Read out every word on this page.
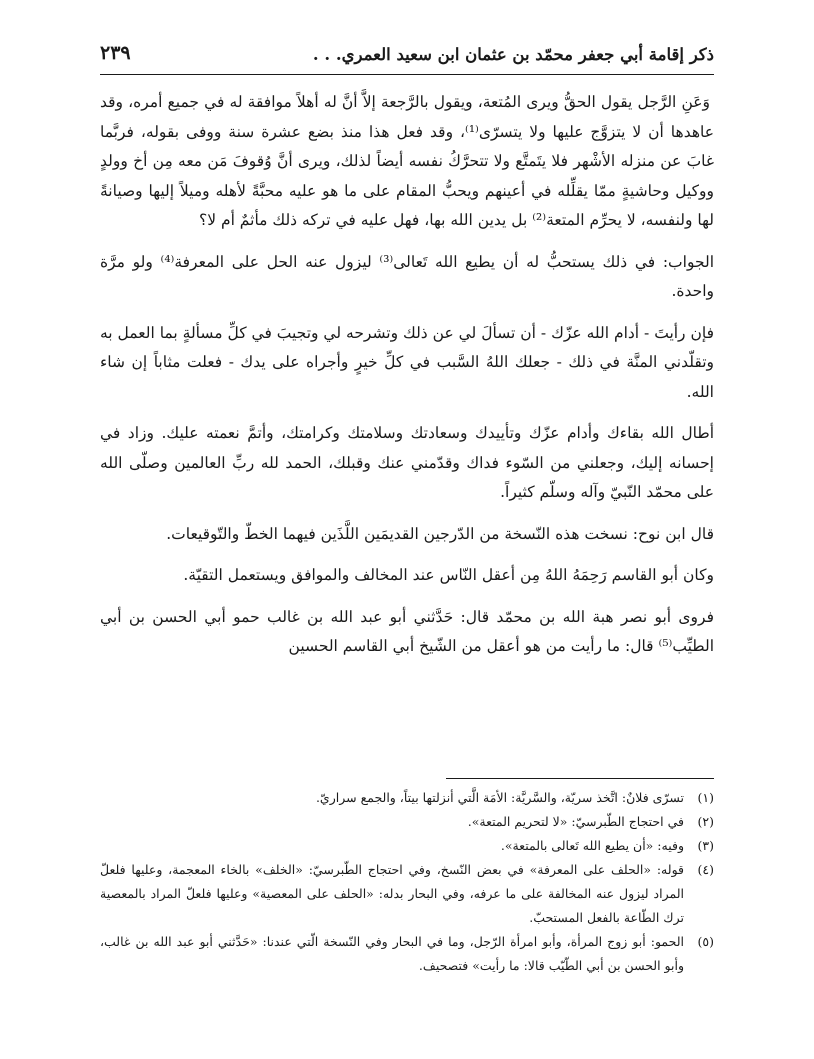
ذكر إقامة أبي جعفر محمّد بن عثمان ابن سعيد العمري. . .
٢٣٩

وَعَنِ الرَّجل يقول الحقُّ ويرى المُتعة، ويقول بالرَّجعة إلاَّ أنَّ له أهلاً موافقة له في جميع أمره، وقد عاهدها أن لا يتزوَّج عليها ولا يتسرّى⁽¹⁾، وقد فعل هذا منذ بضع عشرة سنة ووفى بقوله، فربَّما غابَ عن منزله الأشْهر فلا يتَمتَّع ولا تتحرَّكُ نفسه أيضاً لذلك، ويرى أنَّ وُقوفَ مَن معه مِن أخ وولدٍ ووكيل وحاشيةٍ ممّا يقلِّله في أعينهم ويحبُّ المقام على ما هو عليه محبَّةً لأهله وميلاً إليها وصيانةً لها ولنفسه، لا يحرِّم المتعة⁽²⁾ بل يدين الله بها، فهل عليه في تركه ذلك مأثمٌ أم لا؟

الجواب: في ذلك يستحبُّ له أن يطيع الله تَعالى⁽³⁾ ليزول عنه الحل على المعرفة⁽⁴⁾ ولو مرَّة واحدة.

فإن رأيتَ - أدام الله عزّك - أن تسألَ لي عن ذلك وتشرحه لي وتجيبَ في كلِّ مسألةٍ بما العمل به وتقلّدني المنَّة في ذلك - جعلك اللهُ السَّبب في كلِّ خيرٍ وأجراه على يدك - فعلت مثاباً إن شاء الله.

أطال الله بقاءك وأدام عزّك وتأييدك وسعادتك وسلامتك وكرامتك، وأتمَّ نعمته عليك. وزاد في إحسانه إليك، وجعلني من السّوء فداك وقدّمني عنك وقبلك، الحمد لله ربِّ العالمين وصلّى الله على محمّد النّبيّ وآله وسلّم كثيراً.

قال ابن نوح: نسخت هذه النّسخة من الدّرجين القديمَين اللَّذَين فيهما الخطّ والتّوقيعات.

وكان أبو القاسم رَحِمَهُ اللهُ مِن أعقل النّاس عند المخالف والموافق ويستعمل التقيّة.

فروى أبو نصر هبة الله بن محمّد قال: حَدَّثني أبو عبد الله بن غالب حمو أبي الحسن بن أبي الطيِّب⁽⁵⁾ قال: ما رأيت من هو أعقل من الشّيخ أبي القاسم الحسين

(١)
تسرّى فلانٌ: اتَّخذ سريّة، والسَّريَّة: الأمَة الَّتي أنزلتها بيتاً، والجمع سراريّ.
(٢)
في احتجاج الطّبرسيّ: «لا لتحريم المتعة».
(٣)
وفيه: «أن يطيع الله تَعالى بالمتعة».
(٤)
قوله: «الحلف على المعرفة» في بعض النّسخ، وفي احتجاج الطّبرسيّ: «الخلف» بالخاء المعجمة، وعليها فلعلّ المراد ليزول عنه المخالفة على ما عرفه، وفي البحار بدله: «الحلف على المعصية» وعليها فلعلّ المراد بالمعصية ترك الطّاعة بالفعل المستحبّ.
(٥)
الحمو: أبو زوج المرأة، وأبو امرأة الرّجل، وما في البحار وفي النّسخة الّتي عندنا: «حَدَّثني أبو عبد الله بن غالب، وأبو الحسن بن أبي الطّيّب قالا: ما رأيت» فتصحيف.
